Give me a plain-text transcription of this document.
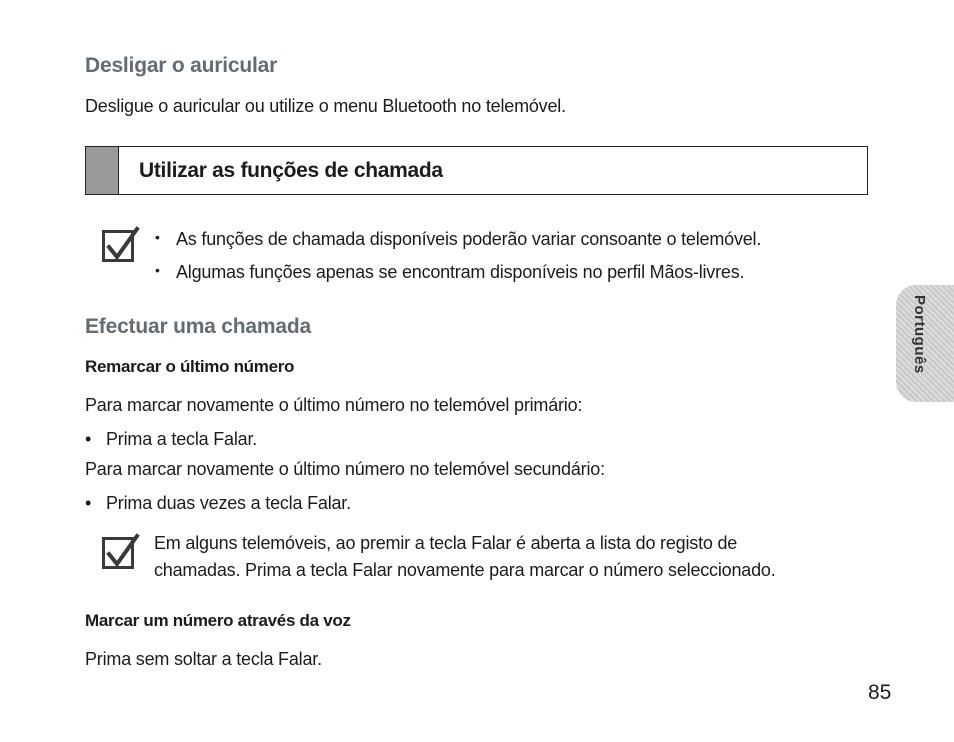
Desligar o auricular
Desligue o auricular ou utilize o menu Bluetooth no telemóvel.
Utilizar as funções de chamada
• As funções de chamada disponíveis poderão variar consoante o telemóvel.
• Algumas funções apenas se encontram disponíveis no perfil Mãos-livres.
Efectuar uma chamada
Remarcar o último número
Para marcar novamente o último número no telemóvel primário:
• Prima a tecla Falar.
Para marcar novamente o último número no telemóvel secundário:
• Prima duas vezes a tecla Falar.
Em alguns telemóveis, ao premir a tecla Falar é aberta a lista do registo de
chamadas. Prima a tecla Falar novamente para marcar o número seleccionado.
Marcar um número através da voz
Prima sem soltar a tecla Falar.
Português
85
